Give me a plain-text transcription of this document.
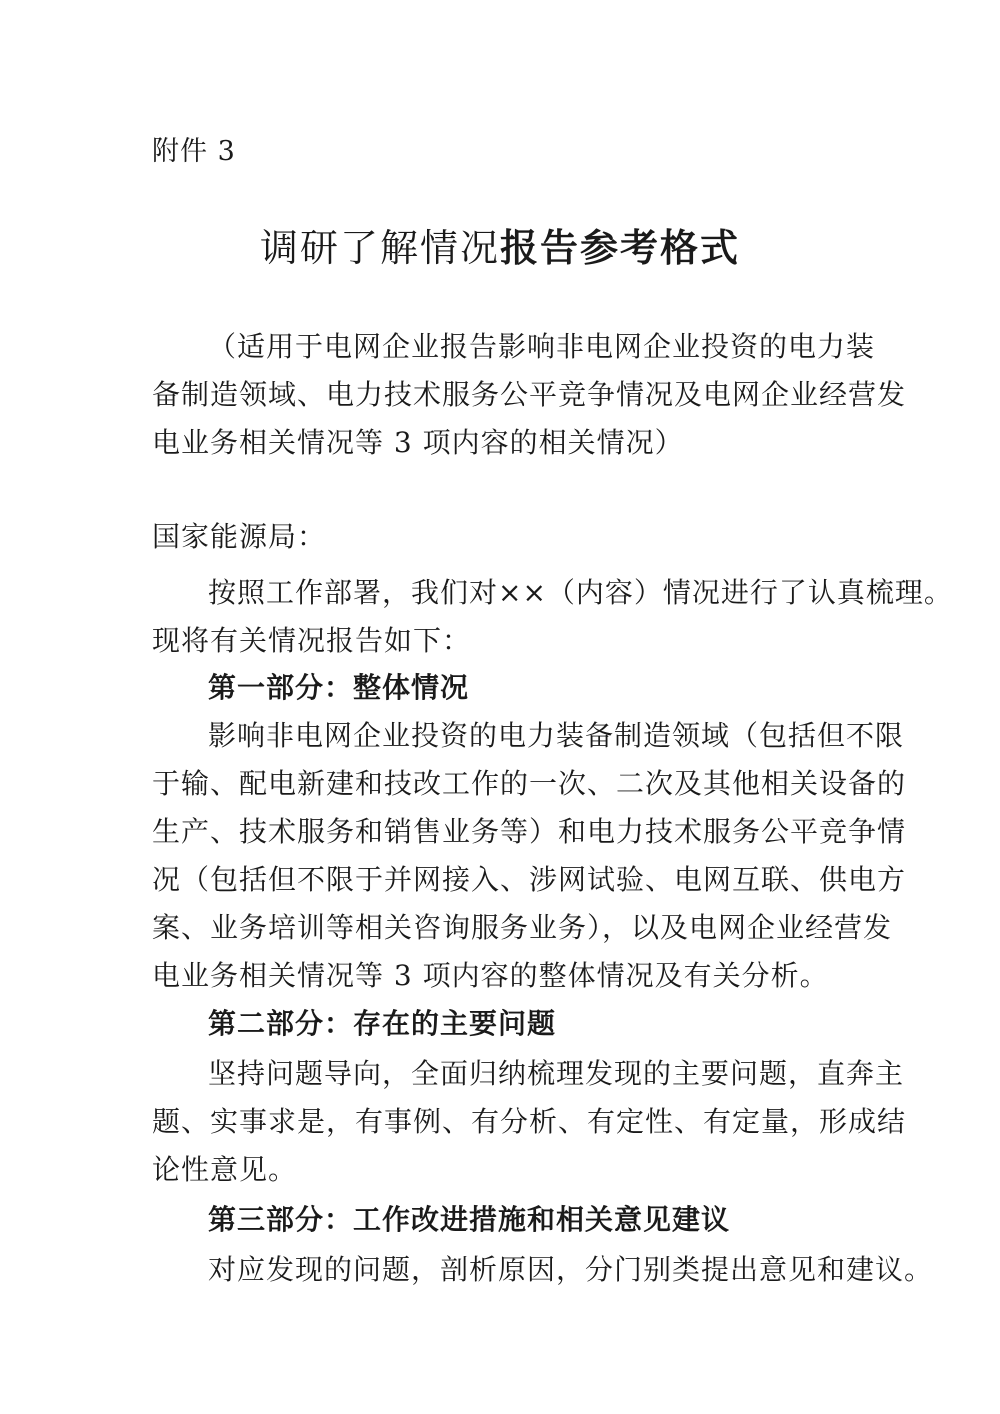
附件 3
调研了解情况报告参考格式
（适用于电网企业报告影响非电网企业投资的电力装
备制造领域、电力技术服务公平竞争情况及电网企业经营发
电业务相关情况等 3 项内容的相关情况）
国家能源局：
按照工作部署，我们对××（内容）情况进行了认真梳理。
现将有关情况报告如下：
第一部分：整体情况
影响非电网企业投资的电力装备制造领域（包括但不限
于输、配电新建和技改工作的一次、二次及其他相关设备的
生产、技术服务和销售业务等）和电力技术服务公平竞争情
况（包括但不限于并网接入、涉网试验、电网互联、供电方
案、业务培训等相关咨询服务业务），以及电网企业经营发
电业务相关情况等 3 项内容的整体情况及有关分析。
第二部分：存在的主要问题
坚持问题导向，全面归纳梳理发现的主要问题，直奔主
题、实事求是，有事例、有分析、有定性、有定量，形成结
论性意见。
第三部分：工作改进措施和相关意见建议
对应发现的问题，剖析原因，分门别类提出意见和建议。
